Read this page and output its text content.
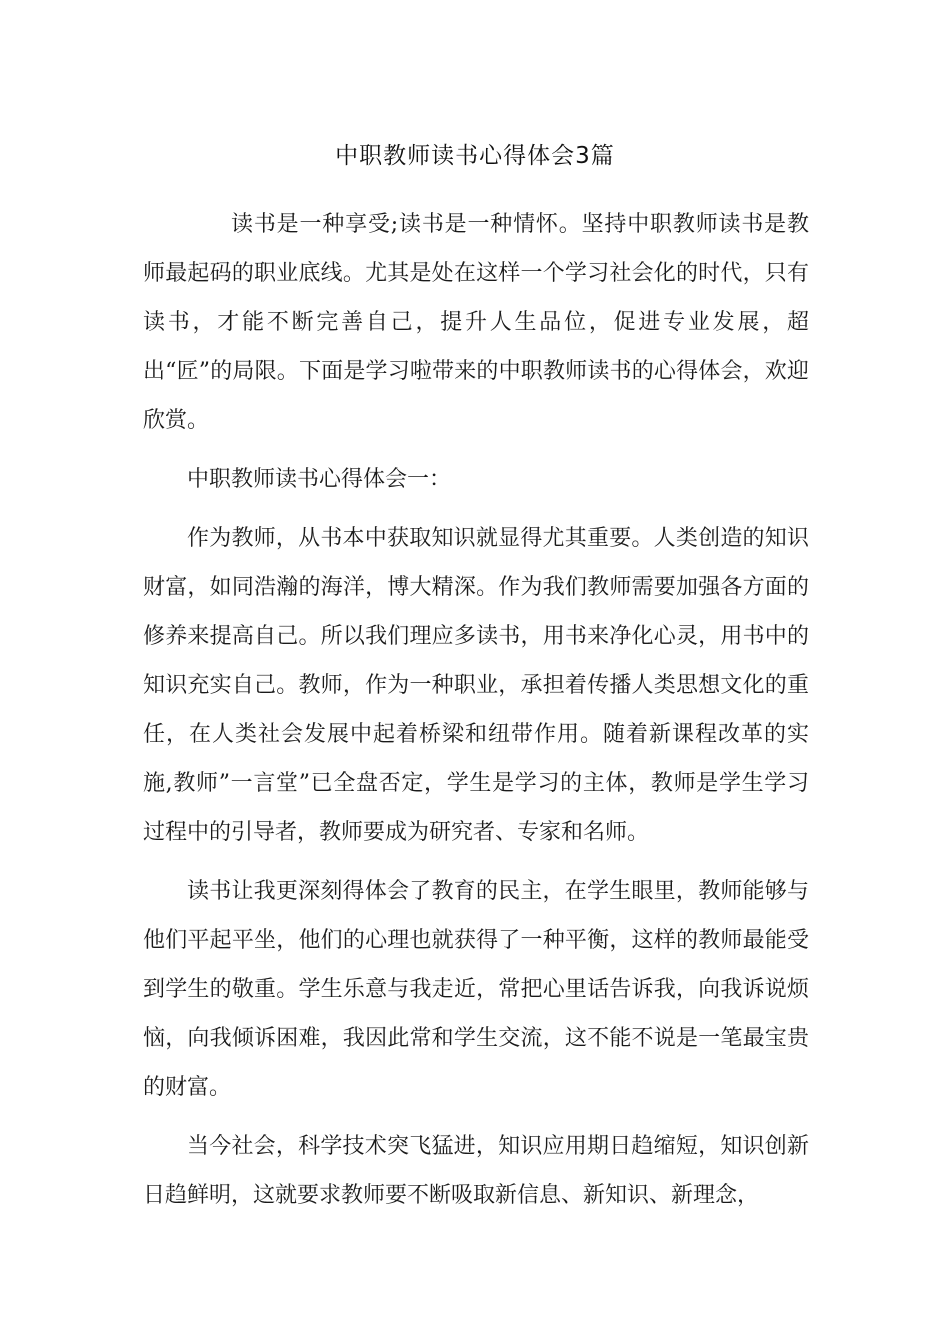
中职教师读书心得体会3篇

读书是一种享受;读书是一种情怀。坚持中职教师读书是教师最起码的职业底线。尤其是处在这样一个学习社会化的时代，只有读书，才能不断完善自己，提升人生品位，促进专业发展，超出“匠”的局限。下面是学习啦带来的中职教师读书的心得体会，欢迎欣赏。

中职教师读书心得体会一：

作为教师，从书本中获取知识就显得尤其重要。人类创造的知识财富，如同浩瀚的海洋，博大精深。作为我们教师需要加强各方面的修养来提高自己。所以我们理应多读书，用书来净化心灵，用书中的知识充实自己。教师，作为一种职业，承担着传播人类思想文化的重任，在人类社会发展中起着桥梁和纽带作用。随着新课程改革的实施,教师”一言堂”已全盘否定，学生是学习的主体，教师是学生学习过程中的引导者，教师要成为研究者、专家和名师。

读书让我更深刻得体会了教育的民主，在学生眼里，教师能够与他们平起平坐，他们的心理也就获得了一种平衡，这样的教师最能受到学生的敬重。学生乐意与我走近，常把心里话告诉我，向我诉说烦恼，向我倾诉困难，我因此常和学生交流，这不能不说是一笔最宝贵的财富。

当今社会，科学技术突飞猛进，知识应用期日趋缩短，知识创新日趋鲜明，这就要求教师要不断吸取新信息、新知识、新理念，
